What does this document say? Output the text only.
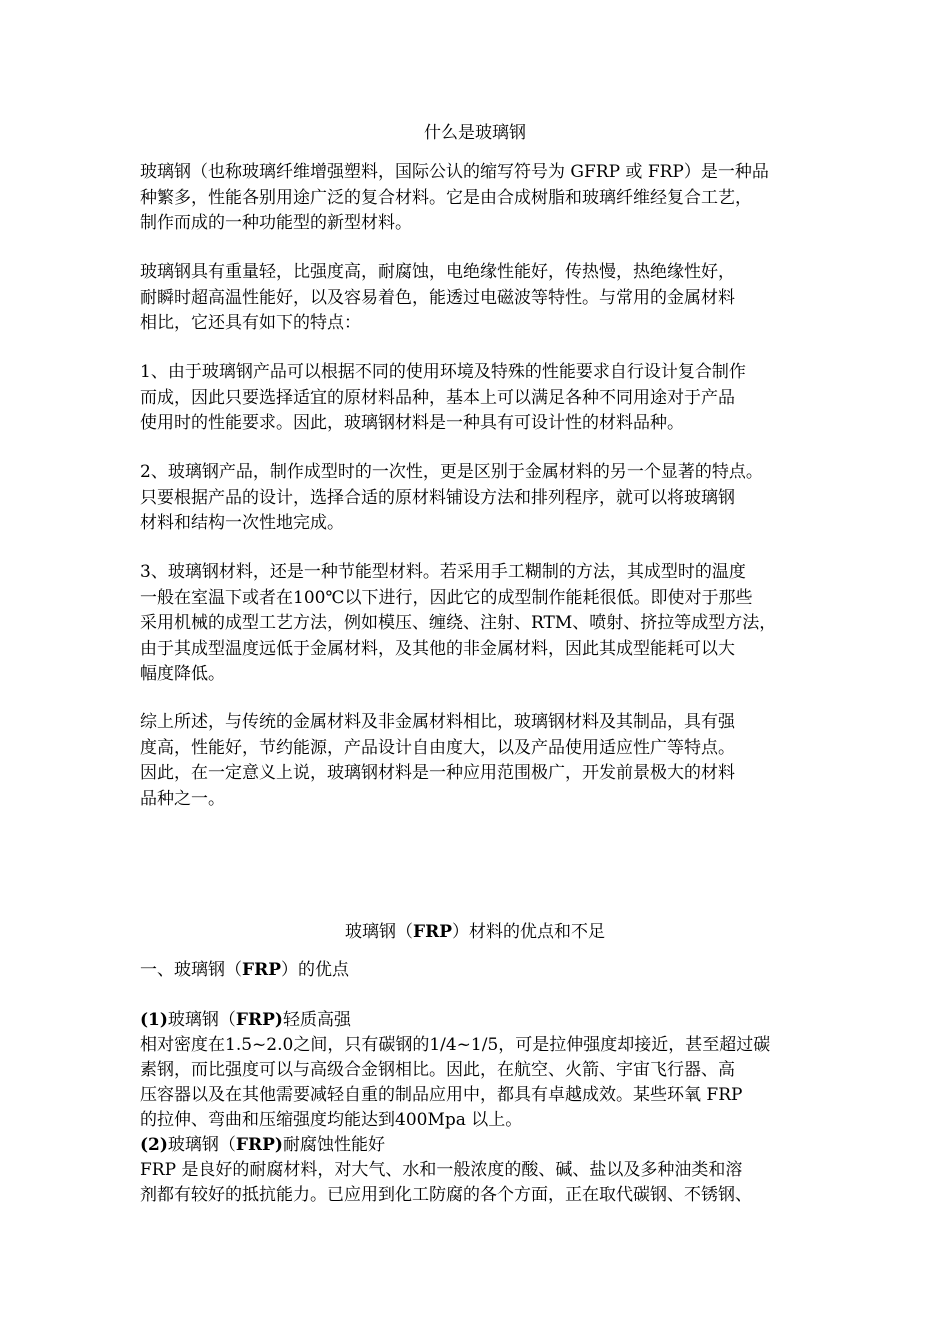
什么是玻璃钢
玻璃钢（也称玻璃纤维增强塑料，国际公认的缩写符号为 GFRP 或 FRP）是一种品
种繁多，性能各别用途广泛的复合材料。它是由合成树脂和玻璃纤维经复合工艺，
制作而成的一种功能型的新型材料。
玻璃钢具有重量轻，比强度高，耐腐蚀，电绝缘性能好，传热慢，热绝缘性好，
耐瞬时超高温性能好，以及容易着色，能透过电磁波等特性。与常用的金属材料
相比，它还具有如下的特点：
1、由于玻璃钢产品可以根据不同的使用环境及特殊的性能要求自行设计复合制作
而成，因此只要选择适宜的原材料品种，基本上可以满足各种不同用途对于产品
使用时的性能要求。因此，玻璃钢材料是一种具有可设计性的材料品种。
2、玻璃钢产品，制作成型时的一次性，更是区别于金属材料的另一个显著的特点。
只要根据产品的设计，选择合适的原材料铺设方法和排列程序，就可以将玻璃钢
材料和结构一次性地完成。
3、玻璃钢材料，还是一种节能型材料。若采用手工糊制的方法，其成型时的温度
一般在室温下或者在100℃以下进行，因此它的成型制作能耗很低。即使对于那些
采用机械的成型工艺方法，例如模压、缠绕、注射、RTM、喷射、挤拉等成型方法，
由于其成型温度远低于金属材料，及其他的非金属材料，因此其成型能耗可以大
幅度降低。
综上所述，与传统的金属材料及非金属材料相比，玻璃钢材料及其制品，具有强
度高，性能好，节约能源，产品设计自由度大，以及产品使用适应性广等特点。
因此，在一定意义上说，玻璃钢材料是一种应用范围极广，开发前景极大的材料
品种之一。
玻璃钢（FRP）材料的优点和不足
一、玻璃钢（FRP）的优点
(1)玻璃钢（FRP)轻质高强
相对密度在1.5~2.0之间，只有碳钢的1/4~1/5，可是拉伸强度却接近，甚至超过碳
素钢，而比强度可以与高级合金钢相比。因此，在航空、火箭、宇宙飞行器、高
压容器以及在其他需要减轻自重的制品应用中，都具有卓越成效。某些环氧 FRP
的拉伸、弯曲和压缩强度均能达到400Mpa 以上。
(2)玻璃钢（FRP)耐腐蚀性能好
FRP 是良好的耐腐材料，对大气、水和一般浓度的酸、碱、盐以及多种油类和溶
剂都有较好的抵抗能力。已应用到化工防腐的各个方面，正在取代碳钢、不锈钢、
